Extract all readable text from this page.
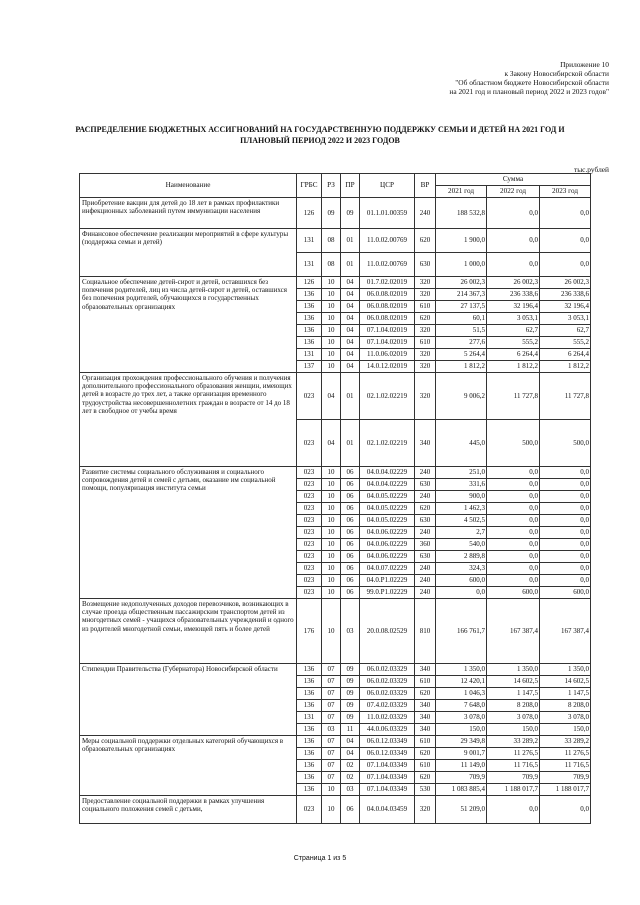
Приложение 10
к Закону Новосибирской области
"Об областном бюджете Новосибирской области
на 2021 год и плановый период 2022 и 2023 годов"
РАСПРЕДЕЛЕНИЕ БЮДЖЕТНЫХ АССИГНОВАНИЙ НА ГОСУДАРСТВЕННУЮ ПОДДЕРЖКУ СЕМЬИ И ДЕТЕЙ НА 2021 ГОД И ПЛАНОВЫЙ ПЕРИОД 2022 И 2023 ГОДОВ
тыс.рублей
Наименование	ГРБС	РЗ	ПР	ЦСР	ВР	Сумма		
						2021 год	2022 год	2023 год
Приобретение вакцин для детей до 18 лет в рамках профилактики инфекционных заболеваний путем иммунизации населения	126	09	09	01.1.01.00359	240	188 532,8	0,0	0,0
Финансовое обеспечение реализации мероприятий в сфере культуры (поддержка семьи и детей)	131	08	01	11.0.02.00769	620	1 900,0	0,0	0,0
	131	08	01	11.0.02.00769	630	1 000,0	0,0	0,0
Социальное обеспечение детей-сирот и детей, оставшихся без попечения родителей, лиц из числа детей-сирот и детей, оставшихся без попечения родителей, обучающихся в государственных образовательных организациях	126	10	04	01.7.02.02019	320	26 002,3	26 002,3	26 002,3
	136	10	04	06.0.08.02019	320	214 367,3	236 338,6	236 338,6
	136	10	04	06.0.08.02019	610	27 137,5	32 196,4	32 196,4
	136	10	04	06.0.08.02019	620	60,1	3 053,1	3 053,1
	136	10	04	07.1.04.02019	320	51,5	62,7	62,7
	136	10	04	07.1.04.02019	610	277,6	555,2	555,2
	131	10	04	11.0.06.02019	320	5 264,4	6 264,4	6 264,4
	137	10	04	14.0.12.02019	320	1 812,2	1 812,2	1 812,2
Организация прохождения профессионального обучения и получения дополнительного профессионального образования женщин, имеющих детей в возрасте до трех лет, а также организация временного трудоустройства несовершеннолетних граждан в возрасте от 14 до 18 лет в свободное от учебы время	023	04	01	02.1.02.02219	320	9 006,2	11 727,8	11 727,8
	023	04	01	02.1.02.02219	340	445,0	500,0	500,0
Развитие системы социального обслуживания и социального сопровождения детей и семей с детьми, оказание им социальной помощи, популяризация института семьи	023	10	06	04.0.04.02229	240	251,0	0,0	0,0
	023	10	06	04.0.04.02229	630	331,6	0,0	0,0
	023	10	06	04.0.05.02229	240	900,0	0,0	0,0
	023	10	06	04.0.05.02229	620	1 462,3	0,0	0,0
	023	10	06	04.0.05.02229	630	4 502,5	0,0	0,0
	023	10	06	04.0.06.02229	240	2,7	0,0	0,0
	023	10	06	04.0.06.02229	360	540,0	0,0	0,0
	023	10	06	04.0.06.02229	630	2 889,8	0,0	0,0
	023	10	06	04.0.07.02229	240	324,3	0,0	0,0
	023	10	06	04.0.P1.02229	240	600,0	0,0	0,0
	023	10	06	99.0.P1.02229	240	0,0	600,0	600,0
Возмещение недополученных доходов перевозчиков, возникающих в случае проезда общественным пассажирским транспортом детей из многодетных семей - учащихся образовательных учреждений и одного из родителей многодетной семьи, имеющей пять и более детей	176	10	03	20.0.08.02529	810	166 761,7	167 387,4	167 387,4
Стипендии Правительства (Губернатора) Новосибирской области	136	07	09	06.0.02.03329	340	1 350,0	1 350,0	1 350,0
	136	07	09	06.0.02.03329	610	12 420,1	14 602,5	14 602,5
	136	07	09	06.0.02.03329	620	1 046,3	1 147,5	1 147,5
	136	07	09	07.4.02.03329	340	7 648,0	8 208,0	8 208,0
	131	07	09	11.0.02.03329	340	3 078,0	3 078,0	3 078,0
	136	03	11	44.0.06.03329	340	150,0	150,0	150,0
Меры социальной поддержки отдельных категорий обучающихся в образовательных организациях	136	07	04	06.0.12.03349	610	29 349,8	33 289,2	33 289,2
	136	07	04	06.0.12.03349	620	9 001,7	11 276,5	11 276,5
	136	07	02	07.1.04.03349	610	11 149,0	11 716,5	11 716,5
	136	07	02	07.1.04.03349	620	709,9	709,9	709,9
	136	10	03	07.1.04.03349	530	1 083 885,4	1 188 017,7	1 188 017,7
Предоставление социальной поддержки в рамках улучшения социального положения семей с детьми,	023	10	06	04.0.04.03459	320	51 209,0	0,0	0,0
Страница 1 из 5
